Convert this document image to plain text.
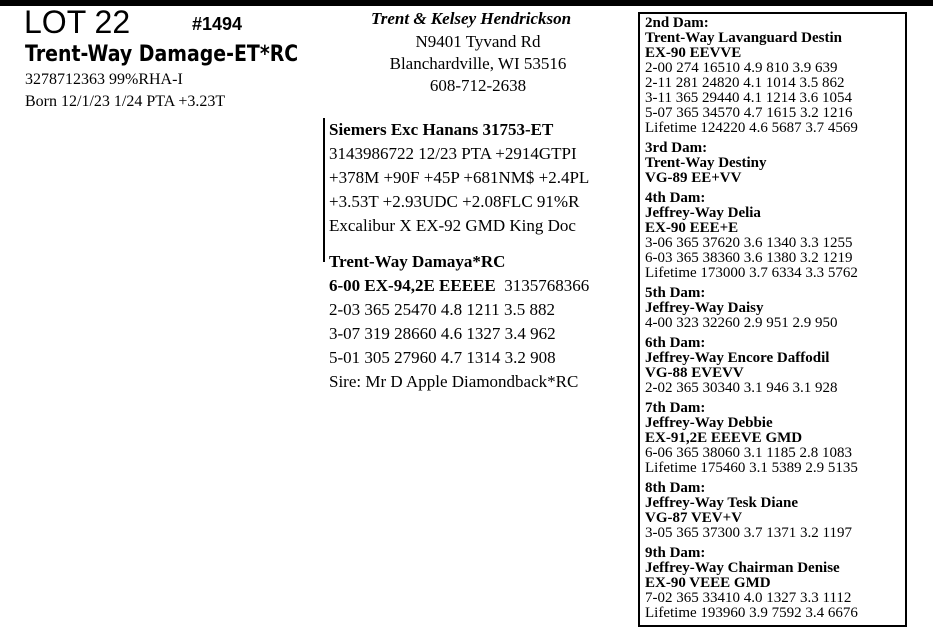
LOT 22	#1494
Trent-Way Damage-ET*RC
3278712363 99%RHA-I
Born 12/1/23 1/24 PTA +3.23T
Trent & Kelsey Hendrickson
N9401 Tyvand Rd
Blanchardville, WI 53516
608-712-2638
Siemers Exc Hanans 31753-ET
3143986722 12/23 PTA +2914GTPI
+378M +90F +45P +681NM$ +2.4PL
+3.53T +2.93UDC +2.08FLC 91%R
Excalibur X EX-92 GMD King Doc
Trent-Way Damaya*RC
6-00 EX-94,2E EEEEE 3135768366
2-03 365 25470 4.8 1211 3.5 882
3-07 319 28660 4.6 1327 3.4 962
5-01 305 27960 4.7 1314 3.2 908
Sire: Mr D Apple Diamondback*RC
2nd Dam:
Trent-Way Lavanguard Destin
EX-90 EEVVE
2-00 274 16510 4.9 810 3.9 639
2-11 281 24820 4.1 1014 3.5 862
3-11 365 29440 4.1 1214 3.6 1054
5-07 365 34570 4.7 1615 3.2 1216
Lifetime 124220 4.6 5687 3.7 4569
3rd Dam:
Trent-Way Destiny
VG-89 EE+VV
4th Dam:
Jeffrey-Way Delia
EX-90 EEE+E
3-06 365 37620 3.6 1340 3.3 1255
6-03 365 38360 3.6 1380 3.2 1219
Lifetime 173000 3.7 6334 3.3 5762
5th Dam:
Jeffrey-Way Daisy
4-00 323 32260 2.9 951 2.9 950
6th Dam:
Jeffrey-Way Encore Daffodil
VG-88 EVEVV
2-02 365 30340 3.1 946 3.1 928
7th Dam:
Jeffrey-Way Debbie
EX-91,2E EEEVE GMD
6-06 365 38060 3.1 1185 2.8 1083
Lifetime 175460 3.1 5389 2.9 5135
8th Dam:
Jeffrey-Way Tesk Diane
VG-87 VEV+V
3-05 365 37300 3.7 1371 3.2 1197
9th Dam:
Jeffrey-Way Chairman Denise
EX-90 VEEE GMD
7-02 365 33410 4.0 1327 3.3 1112
Lifetime 193960 3.9 7592 3.4 6676
